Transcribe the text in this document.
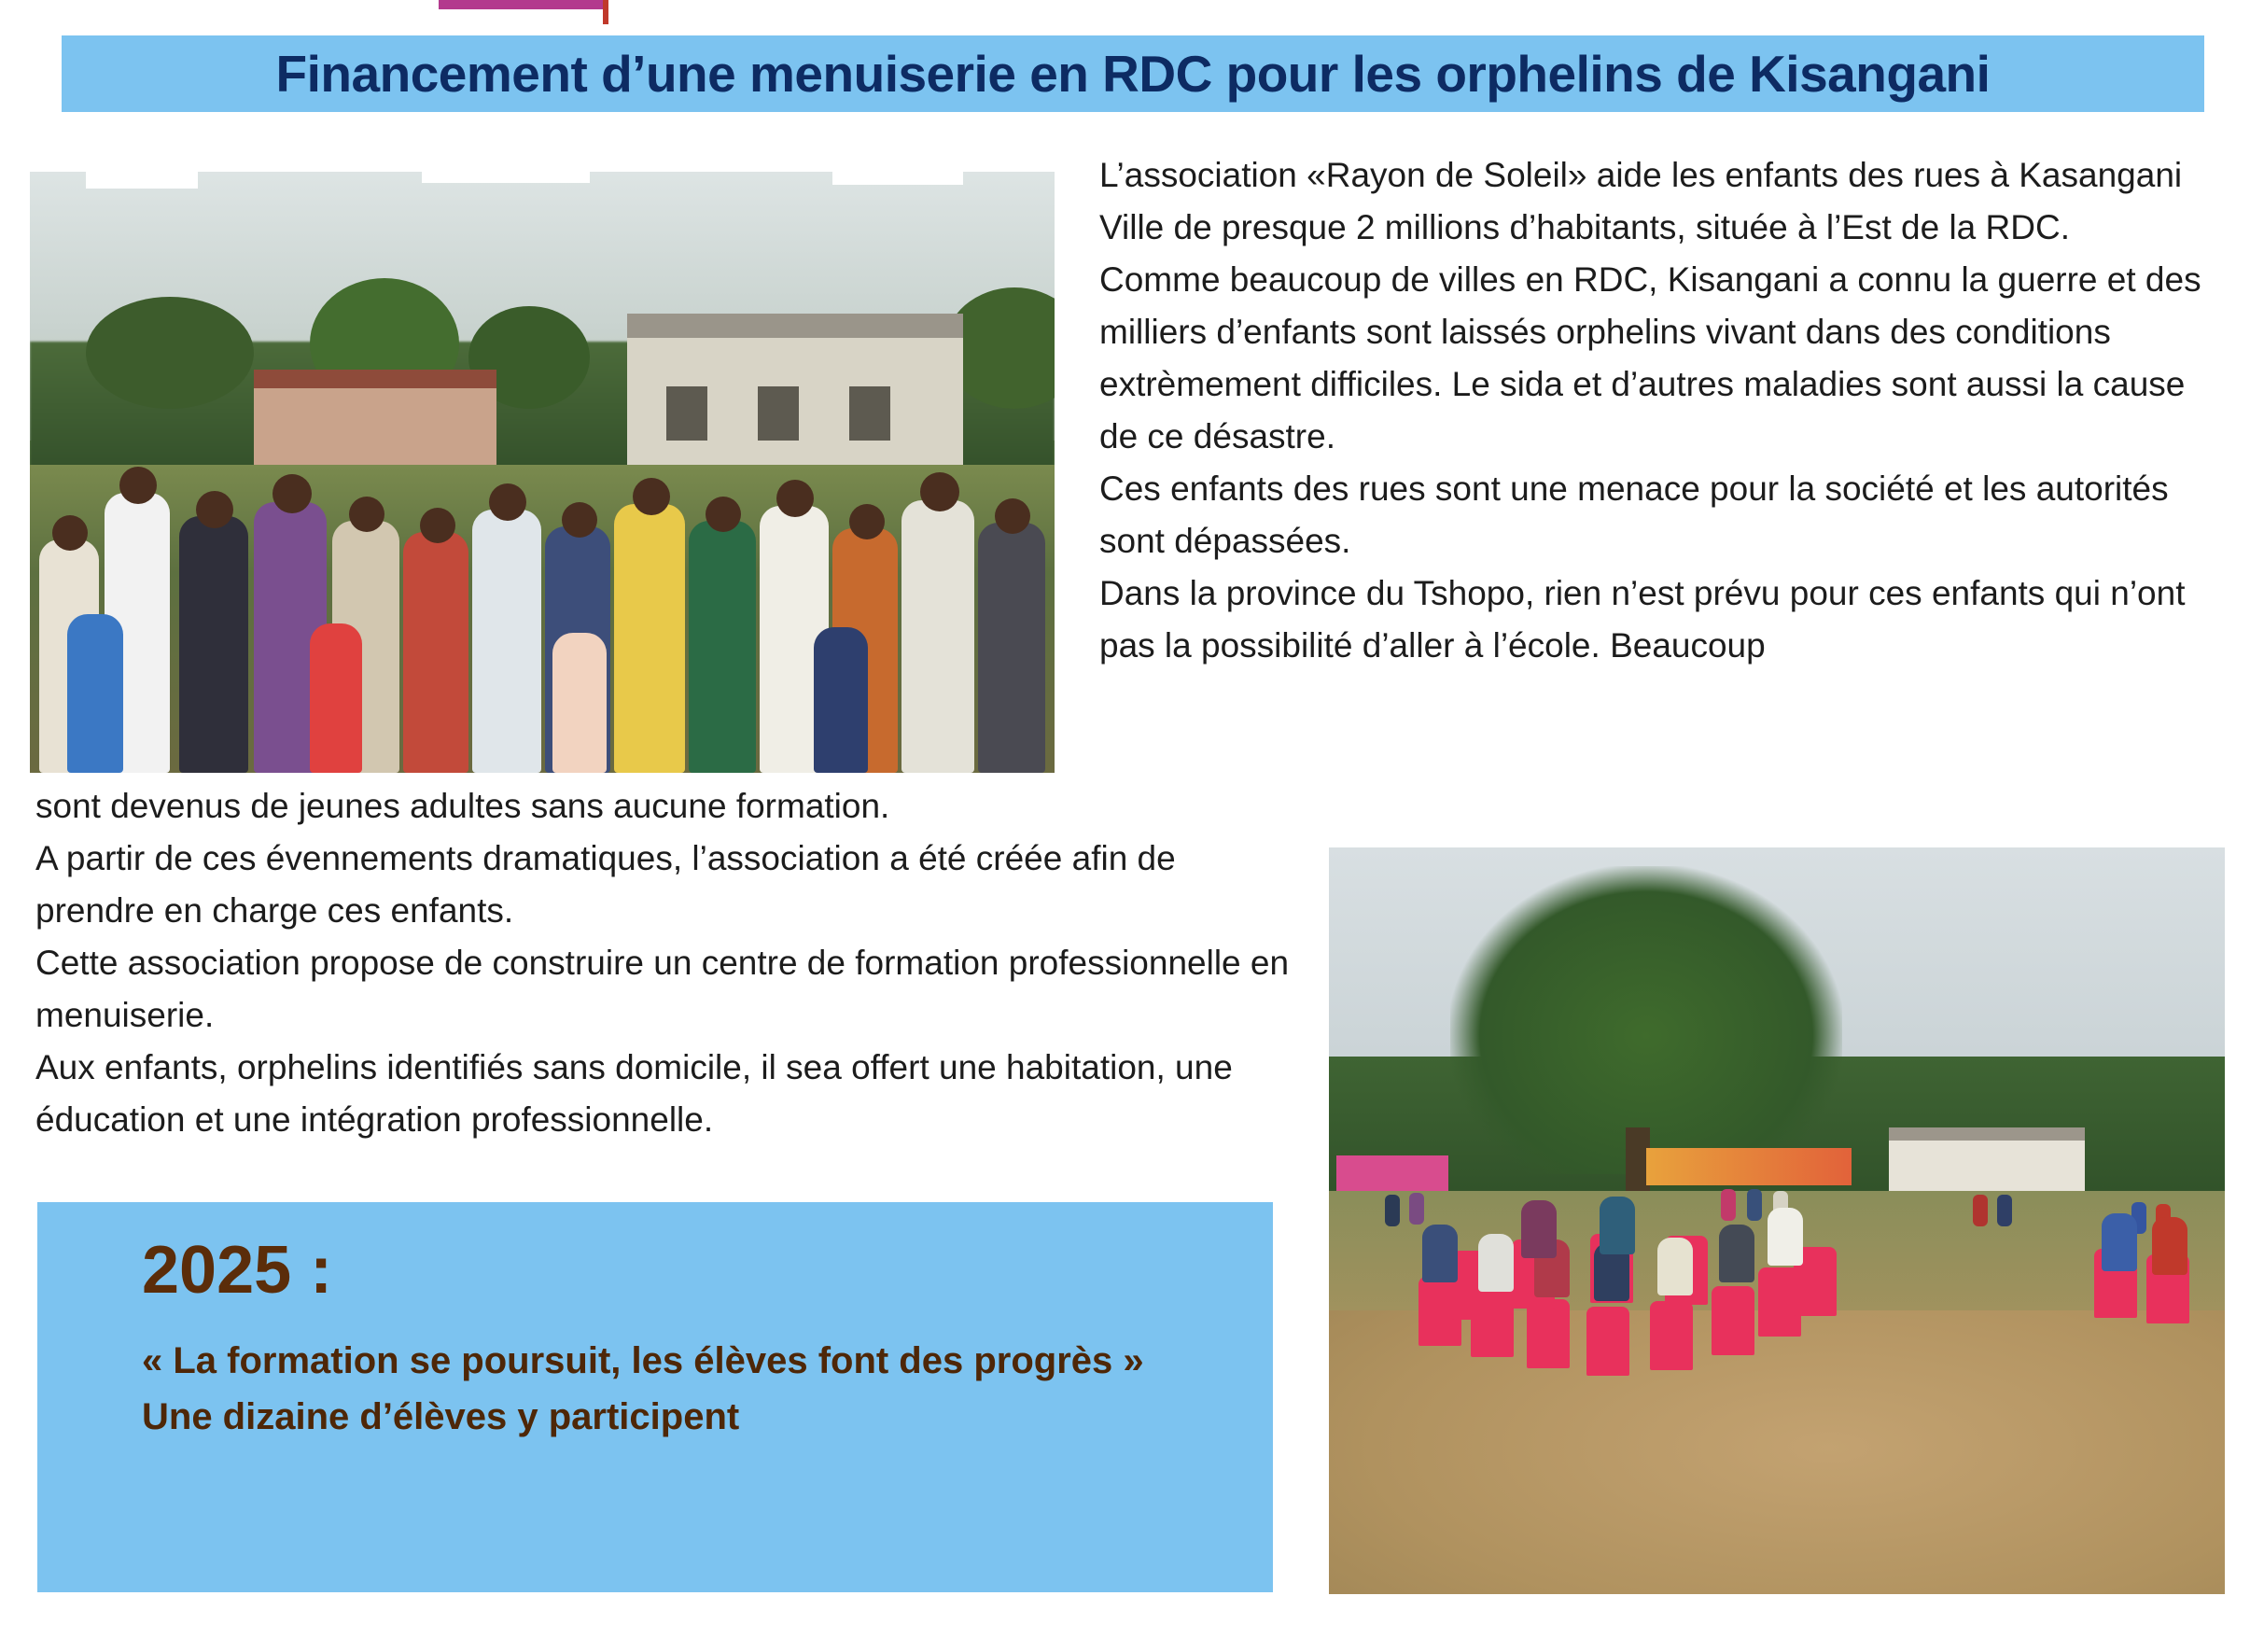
Financement d’une menuiserie en RDC pour les orphelins de Kisangani

L’association «Rayon de Soleil» aide les enfants des rues à Kasangani Ville de presque 2 millions d’habitants, située à l’Est de la RDC.

Comme beaucoup de villes en RDC, Kisangani a connu la guerre et des milliers d’enfants sont laissés orphelins vivant dans des conditions extrèmement difficiles. Le sida et d’autres maladies sont aussi la cause de ce désastre.

Ces enfants des rues sont une menace pour la société et les autorités sont dépassées.

Dans la province du Tshopo, rien n’est prévu pour ces enfants qui n’ont pas la possibilité d’aller à l’école. Beaucoup

sont devenus de jeunes adultes sans aucune formation.

A partir de ces évennements dramatiques, l’association a été créée afin de prendre en charge ces enfants.

Cette association propose de construire un centre de formation professionnelle en menuiserie.

Aux enfants, orphelins identifiés sans domicile, il sea offert une habitation, une éducation et une intégration professionnelle.

2025 :

« La formation se poursuit, les élèves font des progrès »

Une dizaine d’élèves y participent
